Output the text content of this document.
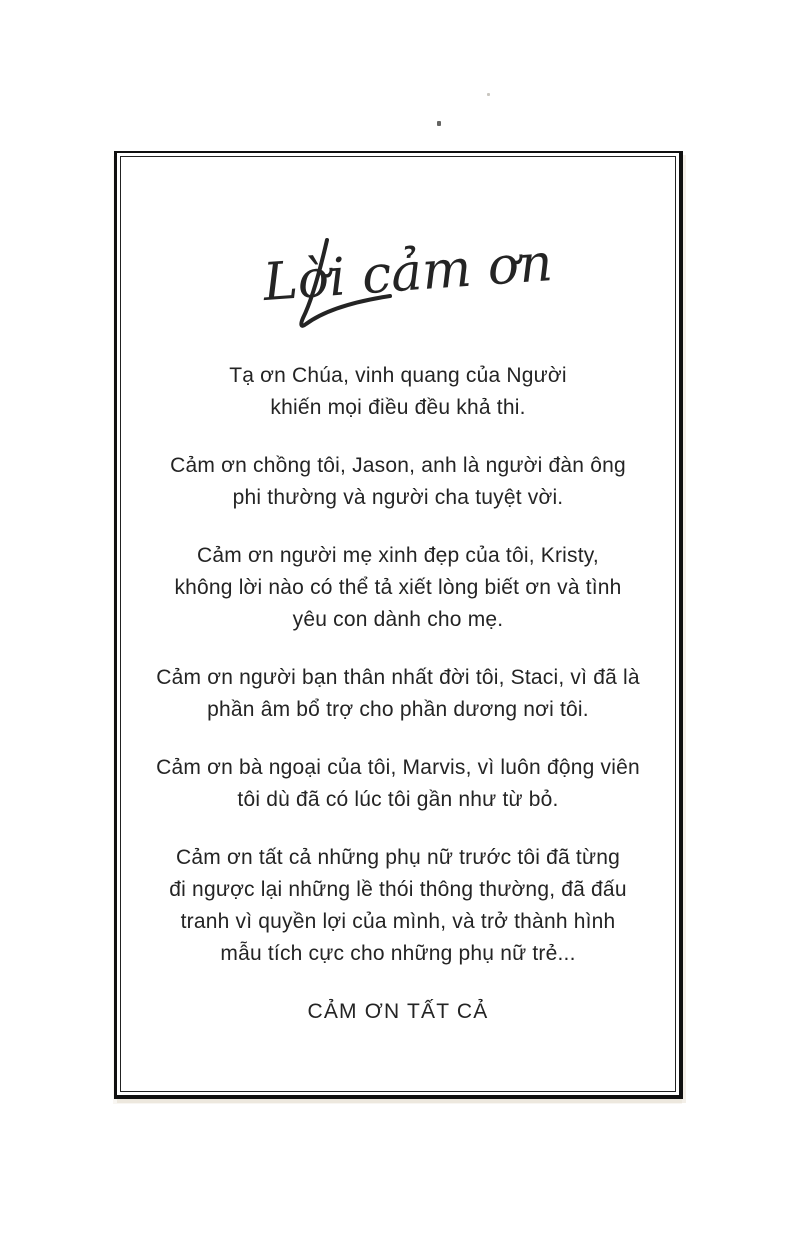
Lời cảm ơn

Tạ ơn Chúa, vinh quang của Người
khiến mọi điều đều khả thi.

Cảm ơn chồng tôi, Jason, anh là người đàn ông
phi thường và người cha tuyệt vời.

Cảm ơn người mẹ xinh đẹp của tôi, Kristy,
không lời nào có thể tả xiết lòng biết ơn và tình
yêu con dành cho mẹ.

Cảm ơn người bạn thân nhất đời tôi, Staci, vì đã là
phần âm bổ trợ cho phần dương nơi tôi.

Cảm ơn bà ngoại của tôi, Marvis, vì luôn động viên
tôi dù đã có lúc tôi gần như từ bỏ.

Cảm ơn tất cả những phụ nữ trước tôi đã từng
đi ngược lại những lề thói thông thường, đã đấu
tranh vì quyền lợi của mình, và trở thành hình
mẫu tích cực cho những phụ nữ trẻ...

CẢM ƠN TẤT CẢ
